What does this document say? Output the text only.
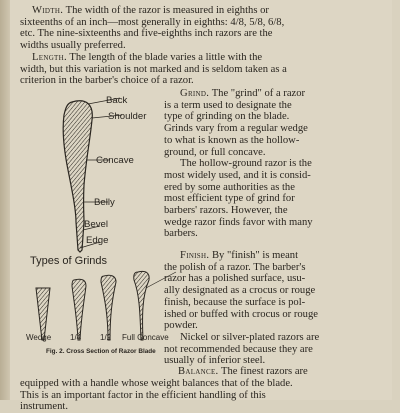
Width. The width of the razor is measured in eighths or
sixteenths of an inch—most generally in eighths: 4/8, 5/8, 6/8,
etc. The nine-sixteenths and five-eighths inch razors are the
widths usually preferred.

Length. The length of the blade varies a little with the
width, but this variation is not marked and is seldom taken as a
criterion in the barber's choice of a razor.

Grind. The "grind" of a razor
is a term used to designate the
type of grinding on the blade.
Grinds vary from a regular wedge
to what is known as the hollow-
ground, or full concave.
The hollow-ground razor is the
most widely used, and it is consid-
ered by some authorities as the
most efficient type of grind for
barbers' razors. However, the
wedge razor finds favor with many
barbers.

Finish. By "finish" is meant
the polish of a razor. The barber's
razor has a polished surface, usu-
ally designated as a crocus or rouge
finish, because the surface is pol-
ished or buffed with crocus or rouge
powder.
Nickel or silver-plated razors are
not recommended because they are
usually of inferior steel.

Balance. The finest razors are
equipped with a handle whose weight balances that of the blade.
This is an important factor in the efficient handling of this
instrument.

Back
Shoulder
Concave
Belly
Bevel
Edge
Types of Grinds
Wedge 1/4 1/2 Full Concave
Fig. 2. Cross Section of Razor Blade
